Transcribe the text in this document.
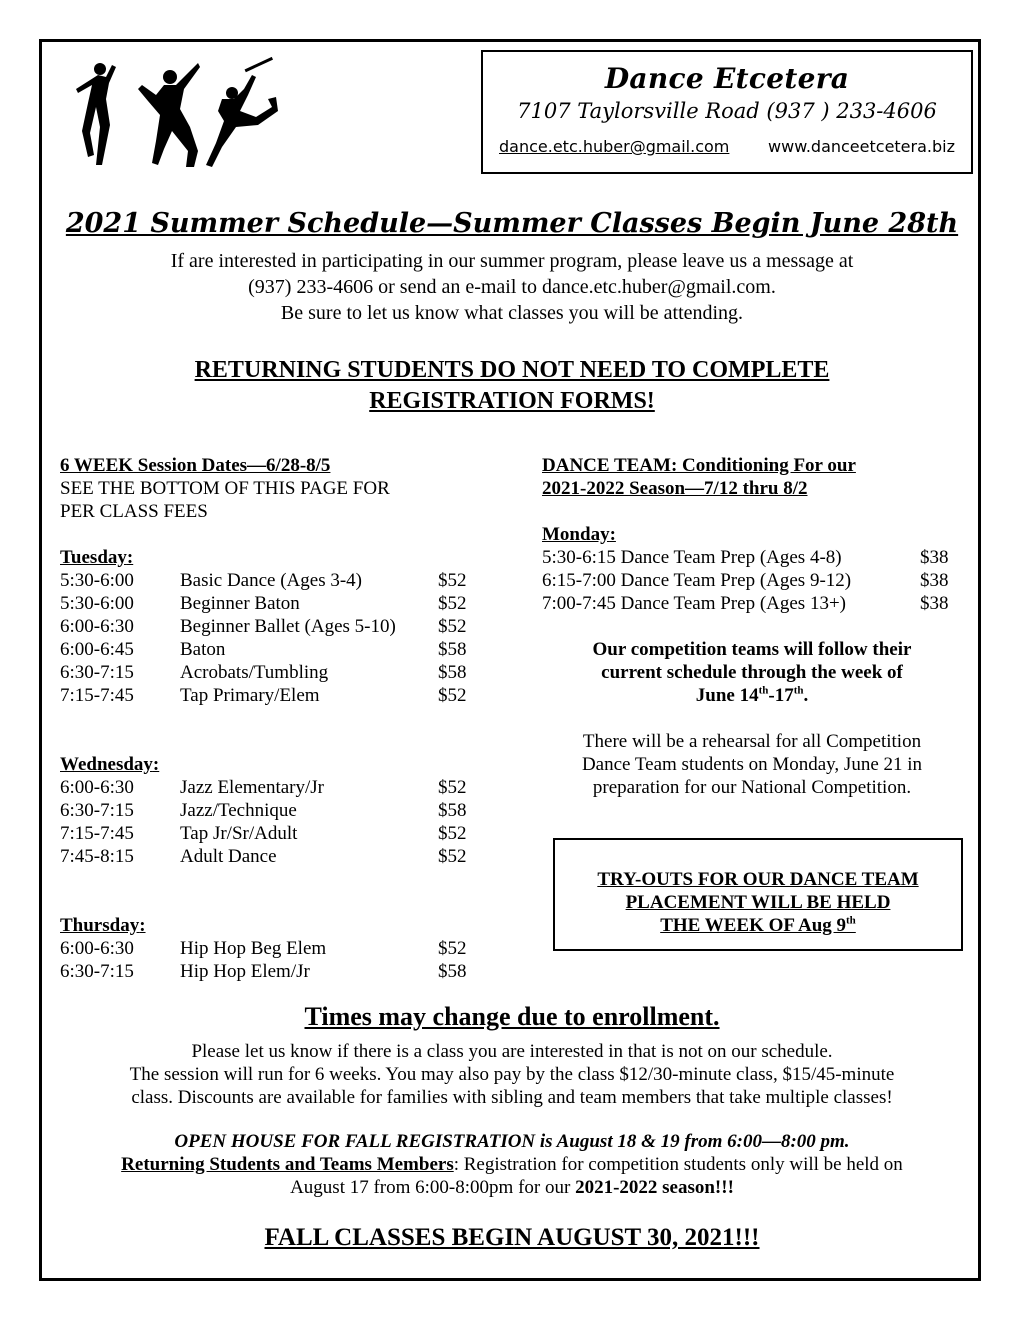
Dance Etcetera
7107 Taylorsville Road (937 ) 233-4606
dance.etc.huber@gmail.com www.danceetcetera.biz
2021 Summer Schedule—Summer Classes Begin June 28th
If are interested in participating in our summer program, please leave us a message at
(937) 233-4606 or send an e-mail to dance.etc.huber@gmail.com.
Be sure to let us know what classes you will be attending.
RETURNING STUDENTS DO NOT NEED TO COMPLETE
REGISTRATION FORMS!
6 WEEK Session Dates—6/28-8/5
SEE THE BOTTOM OF THIS PAGE FOR
PER CLASS FEES
Tuesday:
5:30-6:00	Basic Dance (Ages 3-4)	$52
5:30-6:00	Beginner Baton	$52
6:00-6:30	Beginner Ballet (Ages 5-10)	$52
6:00-6:45	Baton	$58
6:30-7:15	Acrobats/Tumbling	$58
7:15-7:45	Tap Primary/Elem	$52
Wednesday:
6:00-6:30	Jazz Elementary/Jr	$52
6:30-7:15	Jazz/Technique	$58
7:15-7:45	Tap Jr/Sr/Adult	$52
7:45-8:15	Adult Dance	$52
Thursday:
6:00-6:30	Hip Hop Beg Elem	$52
6:30-7:15	Hip Hop Elem/Jr	$58
DANCE TEAM: Conditioning For our
2021-2022 Season—7/12 thru 8/2
Monday:
5:30-6:15 Dance Team Prep (Ages 4-8)	$38
6:15-7:00 Dance Team Prep (Ages 9-12)	$38
7:00-7:45 Dance Team Prep (Ages 13+)	$38
Our competition teams will follow their
current schedule through the week of
June 14th-17th.
There will be a rehearsal for all Competition
Dance Team students on Monday, June 21 in
preparation for our National Competition.
TRY-OUTS FOR OUR DANCE TEAM
PLACEMENT WILL BE HELD
THE WEEK OF Aug 9th
Times may change due to enrollment.
Please let us know if there is a class you are interested in that is not on our schedule.
The session will run for 6 weeks. You may also pay by the class $12/30-minute class, $15/45-minute
class. Discounts are available for families with sibling and team members that take multiple classes!
OPEN HOUSE FOR FALL REGISTRATION is August 18 & 19 from 6:00—8:00 pm.
Returning Students and Teams Members: Registration for competition students only will be held on
August 17 from 6:00-8:00pm for our 2021-2022 season!!!
FALL CLASSES BEGIN AUGUST 30, 2021!!!
